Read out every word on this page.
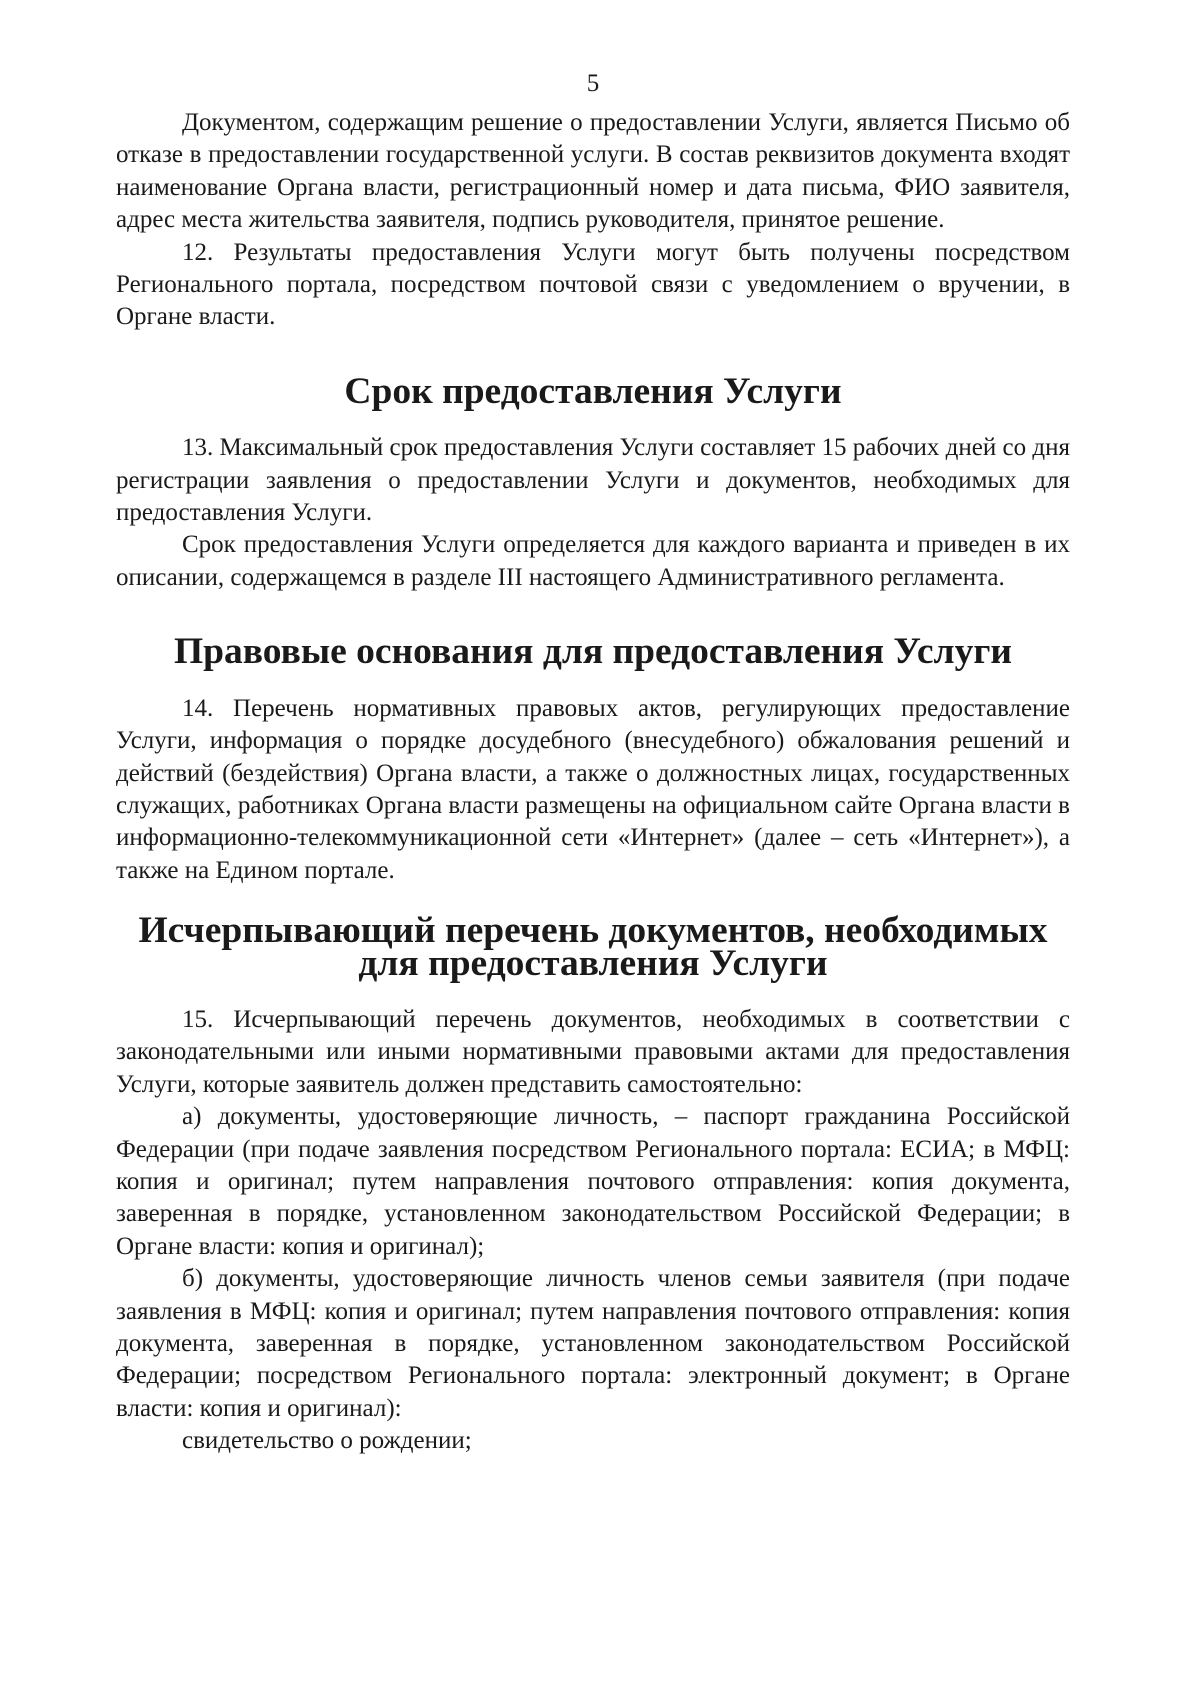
5

Документом, содержащим решение о предоставлении Услуги, является Письмо об отказе в предоставлении государственной услуги. В состав реквизитов документа входят наименование Органа власти, регистрационный номер и дата письма, ФИО заявителя, адрес места жительства заявителя, подпись руководителя, принятое решение.

12. Результаты предоставления Услуги могут быть получены посредством Регионального портала, посредством почтовой связи с уведомлением о вручении, в Органе власти.

Срок предоставления Услуги

13. Максимальный срок предоставления Услуги составляет 15 рабочих дней со дня регистрации заявления о предоставлении Услуги и документов, необходимых для предоставления Услуги.

Срок предоставления Услуги определяется для каждого варианта и приведен в их описании, содержащемся в разделе III настоящего Административного регламента.

Правовые основания для предоставления Услуги

14. Перечень нормативных правовых актов, регулирующих предоставление Услуги, информация о порядке досудебного (внесудебного) обжалования решений и действий (бездействия) Органа власти, а также о должностных лицах, государственных служащих, работниках Органа власти размещены на официальном сайте Органа власти в информационно-телекоммуникационной сети «Интернет» (далее – сеть «Интернет»), а также на Едином портале.

Исчерпывающий перечень документов, необходимых для предоставления Услуги

15. Исчерпывающий перечень документов, необходимых в соответствии с законодательными или иными нормативными правовыми актами для предоставления Услуги, которые заявитель должен представить самостоятельно:

а) документы, удостоверяющие личность, – паспорт гражданина Российской Федерации (при подаче заявления посредством Регионального портала: ЕСИА; в МФЦ: копия и оригинал; путем направления почтового отправления: копия документа, заверенная в порядке, установленном законодательством Российской Федерации; в Органе власти: копия и оригинал);

б) документы, удостоверяющие личность членов семьи заявителя (при подаче заявления в МФЦ: копия и оригинал; путем направления почтового отправления: копия документа, заверенная в порядке, установленном законодательством Российской Федерации; посредством Регионального портала: электронный документ; в Органе власти: копия и оригинал):

свидетельство о рождении;
